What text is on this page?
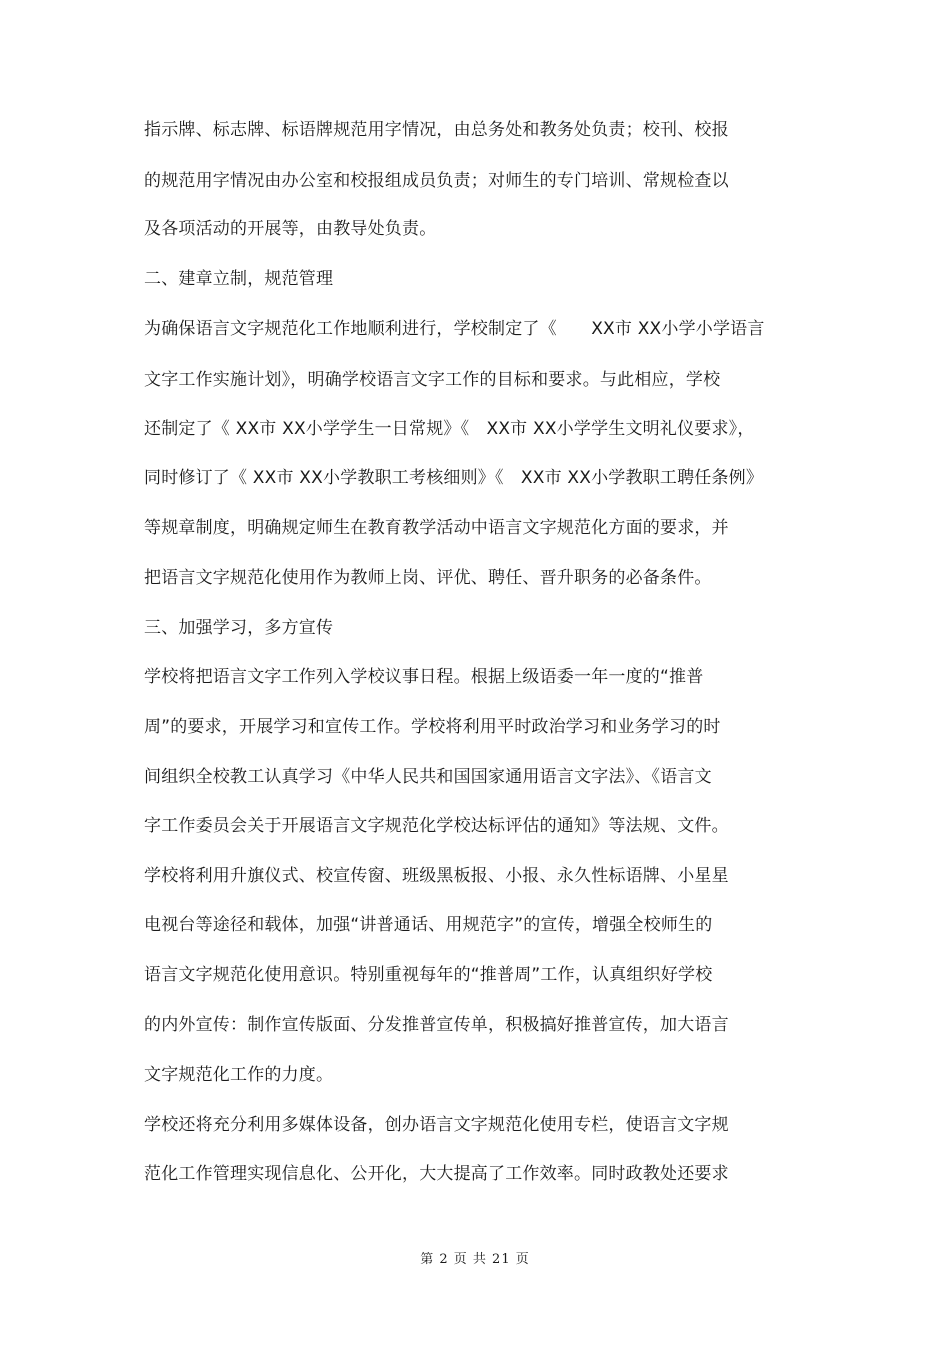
指示牌、标志牌、标语牌规范用字情况，由总务处和教务处负责；校刊、校报
的规范用字情况由办公室和校报组成员负责；对师生的专门培训、常规检查以
及各项活动的开展等，由教导处负责。
二、建章立制，规范管理
为确保语言文字规范化工作地顺利进行，学校制定了《　　XX市 XX小学小学语言
文字工作实施计划》，明确学校语言文字工作的目标和要求。与此相应，学校
还制定了《 XX市 XX小学学生一日常规》《　XX市 XX小学学生文明礼仪要求》，
同时修订了《 XX市 XX小学教职工考核细则》《　XX市 XX小学教职工聘任条例》
等规章制度，明确规定师生在教育教学活动中语言文字规范化方面的要求，并
把语言文字规范化使用作为教师上岗、评优、聘任、晋升职务的必备条件。
三、加强学习，多方宣传
学校将把语言文字工作列入学校议事日程。根据上级语委一年一度的“推普
周”的要求，开展学习和宣传工作。学校将利用平时政治学习和业务学习的时
间组织全校教工认真学习《中华人民共和国国家通用语言文字法》、《语言文
字工作委员会关于开展语言文字规范化学校达标评估的通知》等法规、文件。
学校将利用升旗仪式、校宣传窗、班级黑板报、小报、永久性标语牌、小星星
电视台等途径和载体，加强“讲普通话、用规范字”的宣传，增强全校师生的
语言文字规范化使用意识。特别重视每年的“推普周”工作，认真组织好学校
的内外宣传：制作宣传版面、分发推普宣传单，积极搞好推普宣传，加大语言
文字规范化工作的力度。
学校还将充分利用多媒体设备，创办语言文字规范化使用专栏，使语言文字规
范化工作管理实现信息化、公开化，大大提高了工作效率。同时政教处还要求
第 2 页 共 21 页
